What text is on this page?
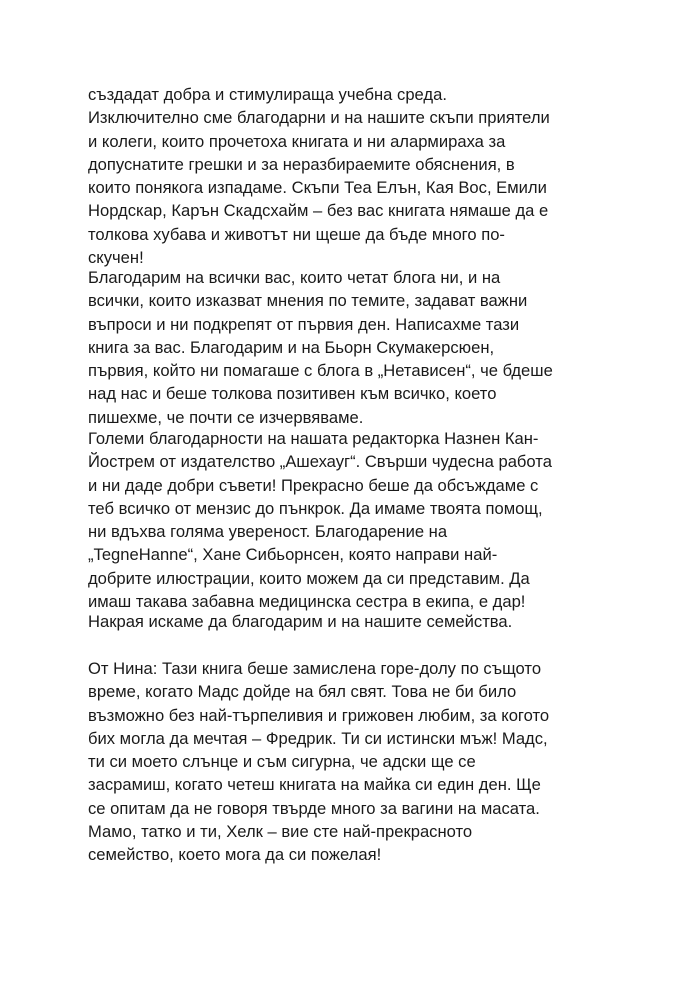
създадат добра и стимулираща учебна среда.
Изключително сме благодарни и на нашите скъпи приятели
и колеги, които прочетоха книгата и ни алармираха за
допуснатите грешки и за неразбираемите обяснения, в
които понякога изпадаме. Скъпи Теа Елън, Кая Вос, Емили
Нордскар, Карън Скадсхайм – без вас книгата нямаше да е
толкова хубава и животът ни щеше да бъде много по-
скучен!
Благодарим на всички вас, които четат блога ни, и на
всички, които изказват мнения по темите, задават важни
въпроси и ни подкрепят от първия ден. Написахме тази
книга за вас. Благодарим и на Бьорн Скумакерсюен,
първия, който ни помагаше с блога в „Нетависен“, че бдеше
над нас и беше толкова позитивен към всичко, което
пишехме, че почти се изчервяваме.
Големи благодарности на нашата редакторка Назнен Кан-
Йострем от издателство „Ашехауг“. Свърши чудесна работа
и ни даде добри съвети! Прекрасно беше да обсъждаме с
теб всичко от мензис до пънкрок. Да имаме твоята помощ,
ни вдъхва голяма увереност. Благодарение на
„TegneHanne“, Хане Сибьорнсен, която направи най-
добрите илюстрации, които можем да си представим. Да
имаш такава забавна медицинска сестра в екипа, е дар!
Накрая искаме да благодарим и на нашите семейства.
От Нина: Тази книга беше замислена горе-долу по същото
време, когато Мадс дойде на бял свят. Това не би било
възможно без най-търпеливия и грижовен любим, за когото
бих могла да мечтая – Фредрик. Ти си истински мъж! Мадс,
ти си моето слънце и съм сигурна, че адски ще се
засрамиш, когато четеш книгата на майка си един ден. Ще
се опитам да не говоря твърде много за вагини на масата.
Мамо, татко и ти, Хелк – вие сте най-прекрасното
семейство, което мога да си пожелая!
